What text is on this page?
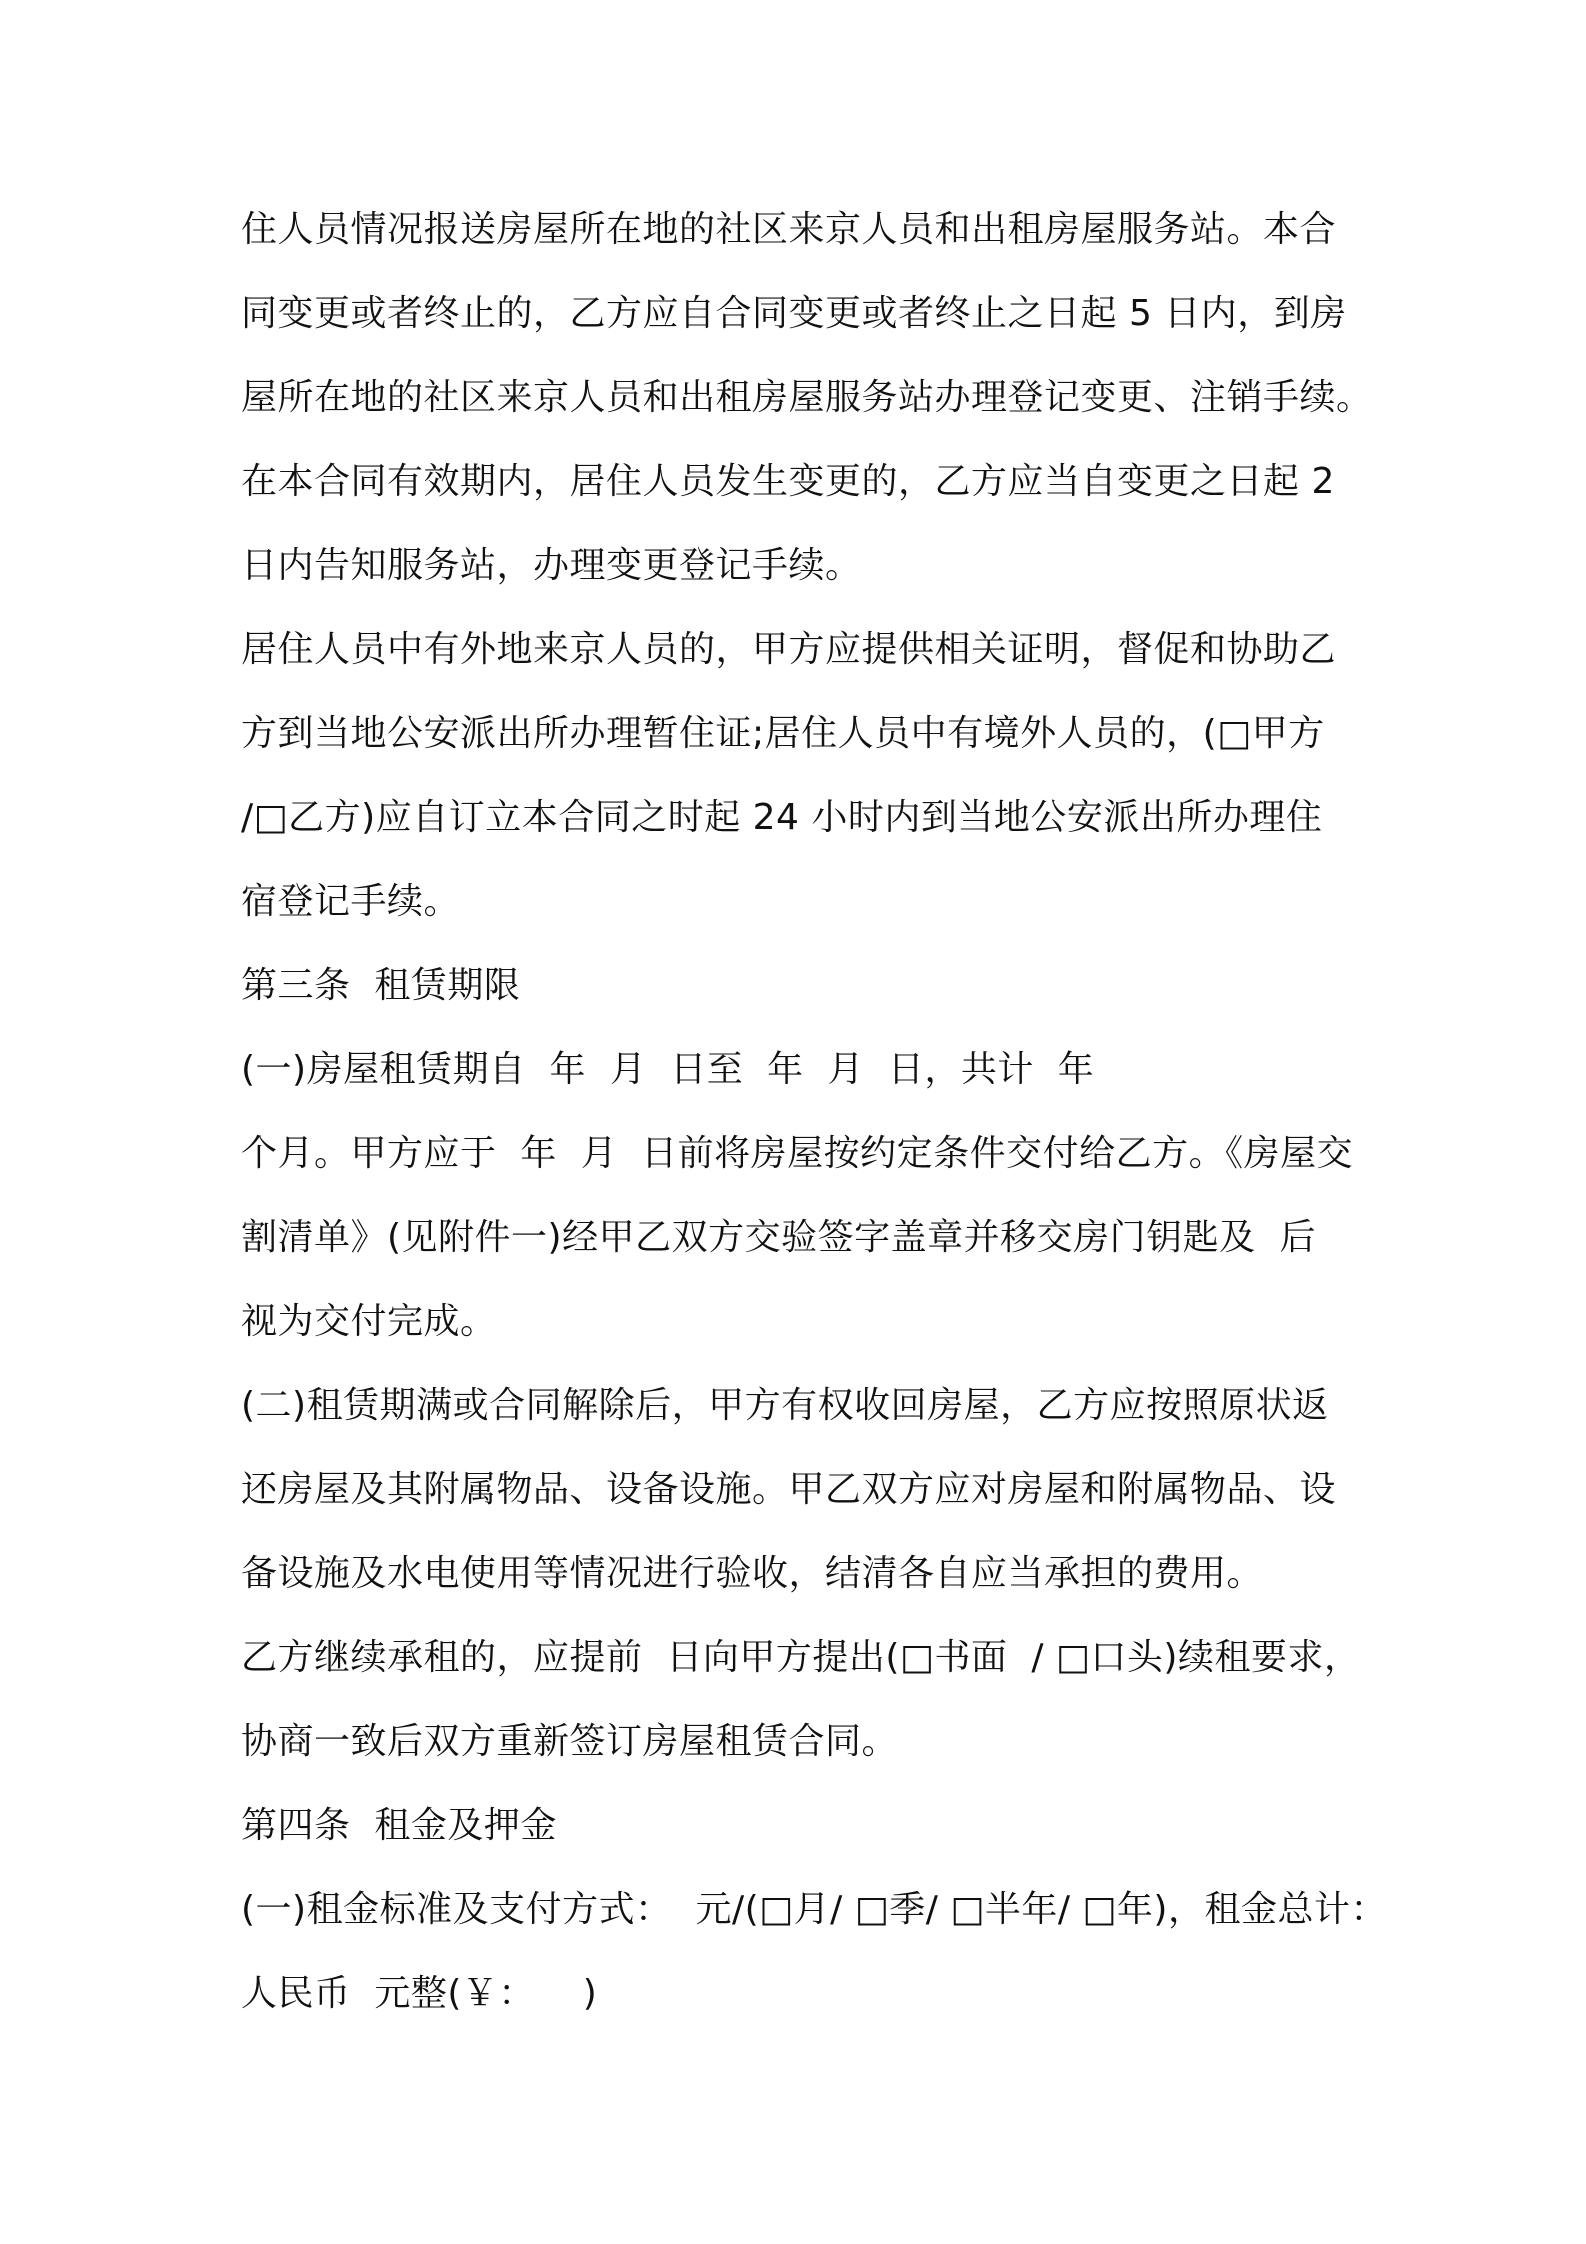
住人员情况报送房屋所在地的社区来京人员和出租房屋服务站。本合
同变更或者终止的，乙方应自合同变更或者终止之日起 5 日内，到房
屋所在地的社区来京人员和出租房屋服务站办理登记变更、注销手续。
在本合同有效期内，居住人员发生变更的，乙方应当自变更之日起 2
日内告知服务站，办理变更登记手续。
居住人员中有外地来京人员的，甲方应提供相关证明，督促和协助乙
方到当地公安派出所办理暂住证;居住人员中有境外人员的，(□甲方
/□乙方)应自订立本合同之时起 24 小时内到当地公安派出所办理住
宿登记手续。
第三条  租赁期限
(一)房屋租赁期自  年  月  日至  年  月  日，共计  年
个月。甲方应于  年  月  日前将房屋按约定条件交付给乙方。《房屋交
割清单》(见附件一)经甲乙双方交验签字盖章并移交房门钥匙及  后
视为交付完成。
(二)租赁期满或合同解除后，甲方有权收回房屋，乙方应按照原状返
还房屋及其附属物品、设备设施。甲乙双方应对房屋和附属物品、设
备设施及水电使用等情况进行验收，结清各自应当承担的费用。
乙方继续承租的，应提前  日向甲方提出(□书面  / □口头)续租要求，
协商一致后双方重新签订房屋租赁合同。
第四条  租金及押金
(一)租金标准及支付方式：  元/(□月/ □季/ □半年/ □年)，租金总计：
人民币  元整(￥：    )
